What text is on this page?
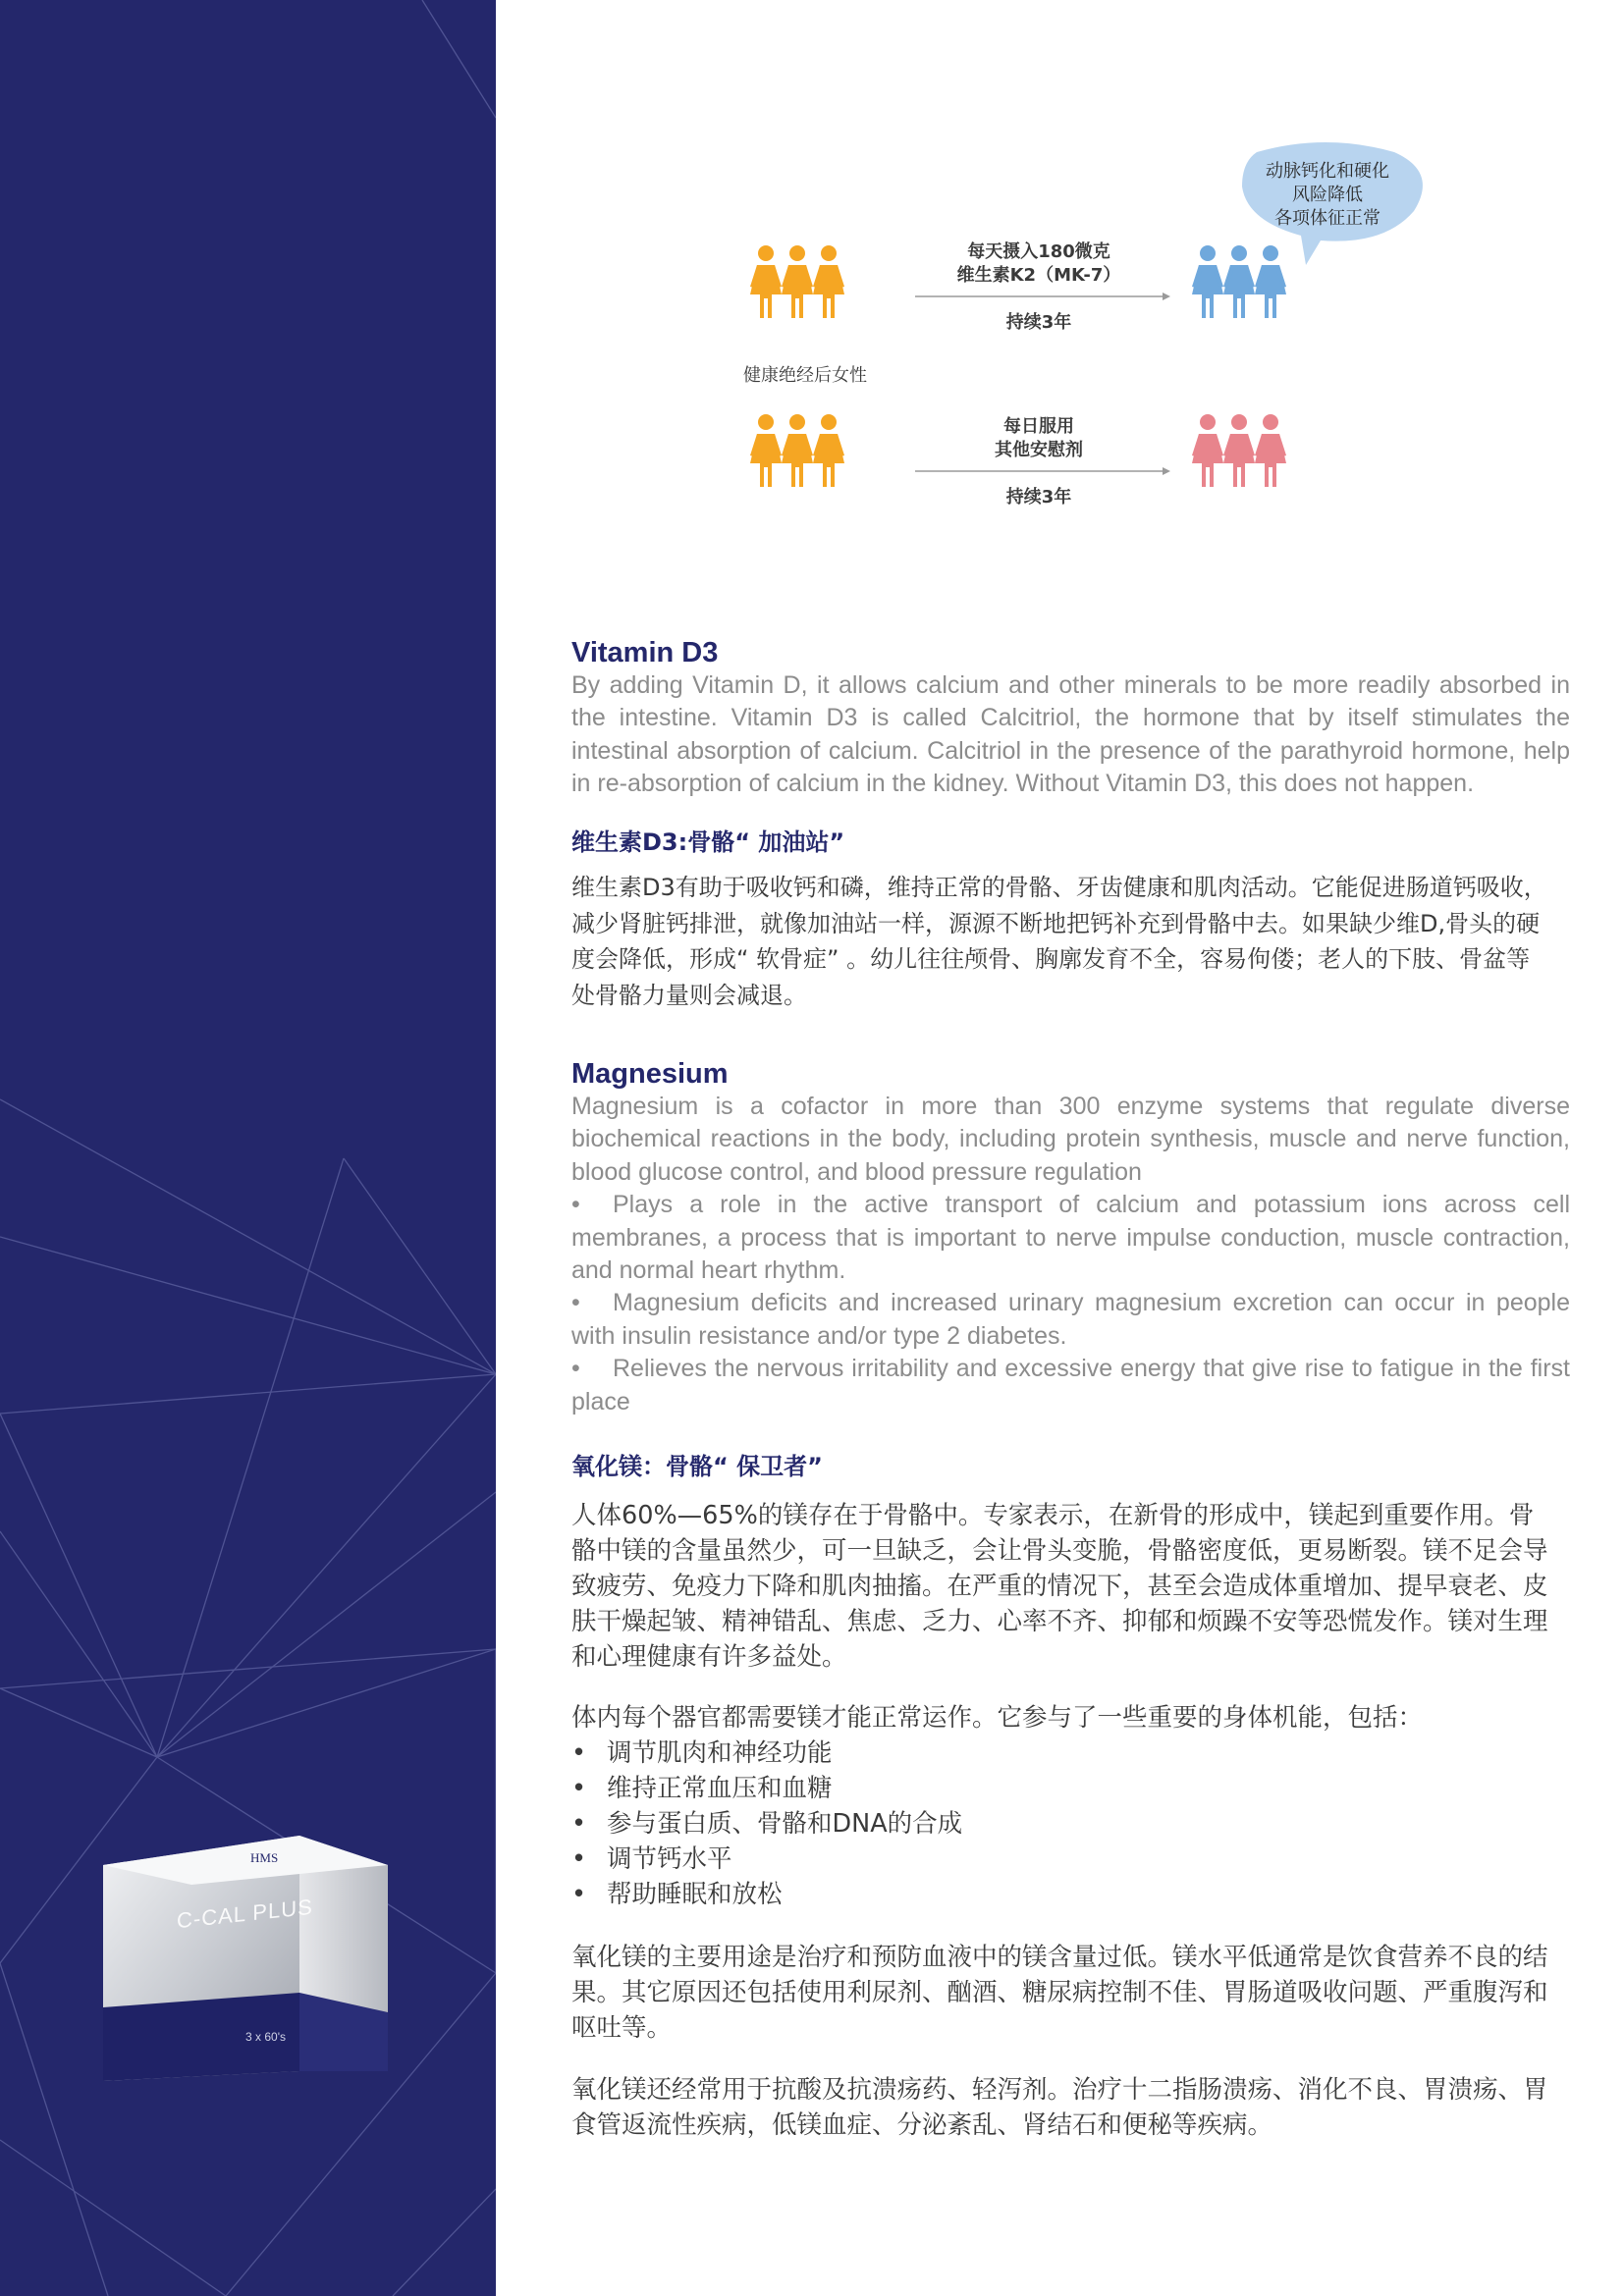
HMS
C-CAL PLUS
3 x 60's
动脉钙化和硬化
风险降低
各项体征正常
每天摄入180微克
维生素K2（MK-7）
持续3年
健康绝经后女性
每日服用
其他安慰剂
持续3年
Vitamin D3

By adding Vitamin D, it allows calcium and other minerals to be more readily absorbed in the intestine. Vitamin D3 is called Calcitriol, the hormone that by itself stimulates the intestinal absorption of calcium. Calcitriol in the presence of the parathyroid hormone, help in re-absorption of calcium in the kidney. Without Vitamin D3, this does not happen.

维生素D3:骨骼“ 加油站”

维生素D3有助于吸收钙和磷，维持正常的骨骼、牙齿健康和肌肉活动。它能促进肠道钙吸收，减少肾脏钙排泄，就像加油站一样，源源不断地把钙补充到骨骼中去。如果缺少维D,骨头的硬度会降低，形成“ 软骨症” 。幼儿往往颅骨、胸廓发育不全，容易佝偻；老人的下肢、骨盆等处骨骼力量则会减退。

Magnesium

Magnesium is a cofactor in more than 300 enzyme systems that regulate diverse biochemical reactions in the body, including protein synthesis, muscle and nerve function, blood glucose control, and blood pressure regulation

• Plays a role in the active transport of calcium and potassium ions across cell membranes, a process that is important to nerve impulse conduction, muscle contraction, and normal heart rhythm.

• Magnesium deficits and increased urinary magnesium excretion can occur in people with insulin resistance and/or type 2 diabetes.

• Relieves the nervous irritability and excessive energy that give rise to fatigue in the first place

氧化镁：骨骼“ 保卫者”

人体60%—65%的镁存在于骨骼中。专家表示，在新骨的形成中，镁起到重要作用。骨骼中镁的含量虽然少，可一旦缺乏，会让骨头变脆，骨骼密度低，更易断裂。镁不足会导致疲劳、免疫力下降和肌肉抽搐。在严重的情况下，甚至会造成体重增加、提早衰老、皮肤干燥起皱、精神错乱、焦虑、乏力、心率不齐、抑郁和烦躁不安等恐慌发作。镁对生理和心理健康有许多益处。

体内每个器官都需要镁才能正常运作。它参与了一些重要的身体机能，包括：

• 调节肌肉和神经功能
• 维持正常血压和血糖
• 参与蛋白质、骨骼和DNA的合成
• 调节钙水平
• 帮助睡眠和放松

氧化镁的主要用途是治疗和预防血液中的镁含量过低。镁水平低通常是饮食营养不良的结果。其它原因还包括使用利尿剂、酗酒、糖尿病控制不佳、胃肠道吸收问题、严重腹泻和呕吐等。

氧化镁还经常用于抗酸及抗溃疡药、轻泻剂。治疗十二指肠溃疡、消化不良、胃溃疡、胃食管返流性疾病，低镁血症、分泌紊乱、肾结石和便秘等疾病。
